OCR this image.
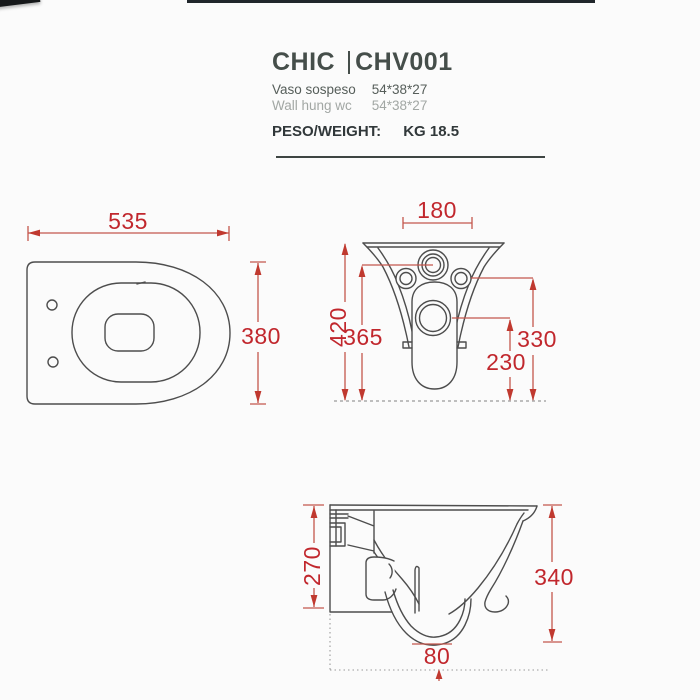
CHIC CHV001
Vaso sospeso 54*38*27
Wall hung wc 54*38*27
PESO/WEIGHT: KG 18.5
535
380
180
420
365	330
230
270	340
80
